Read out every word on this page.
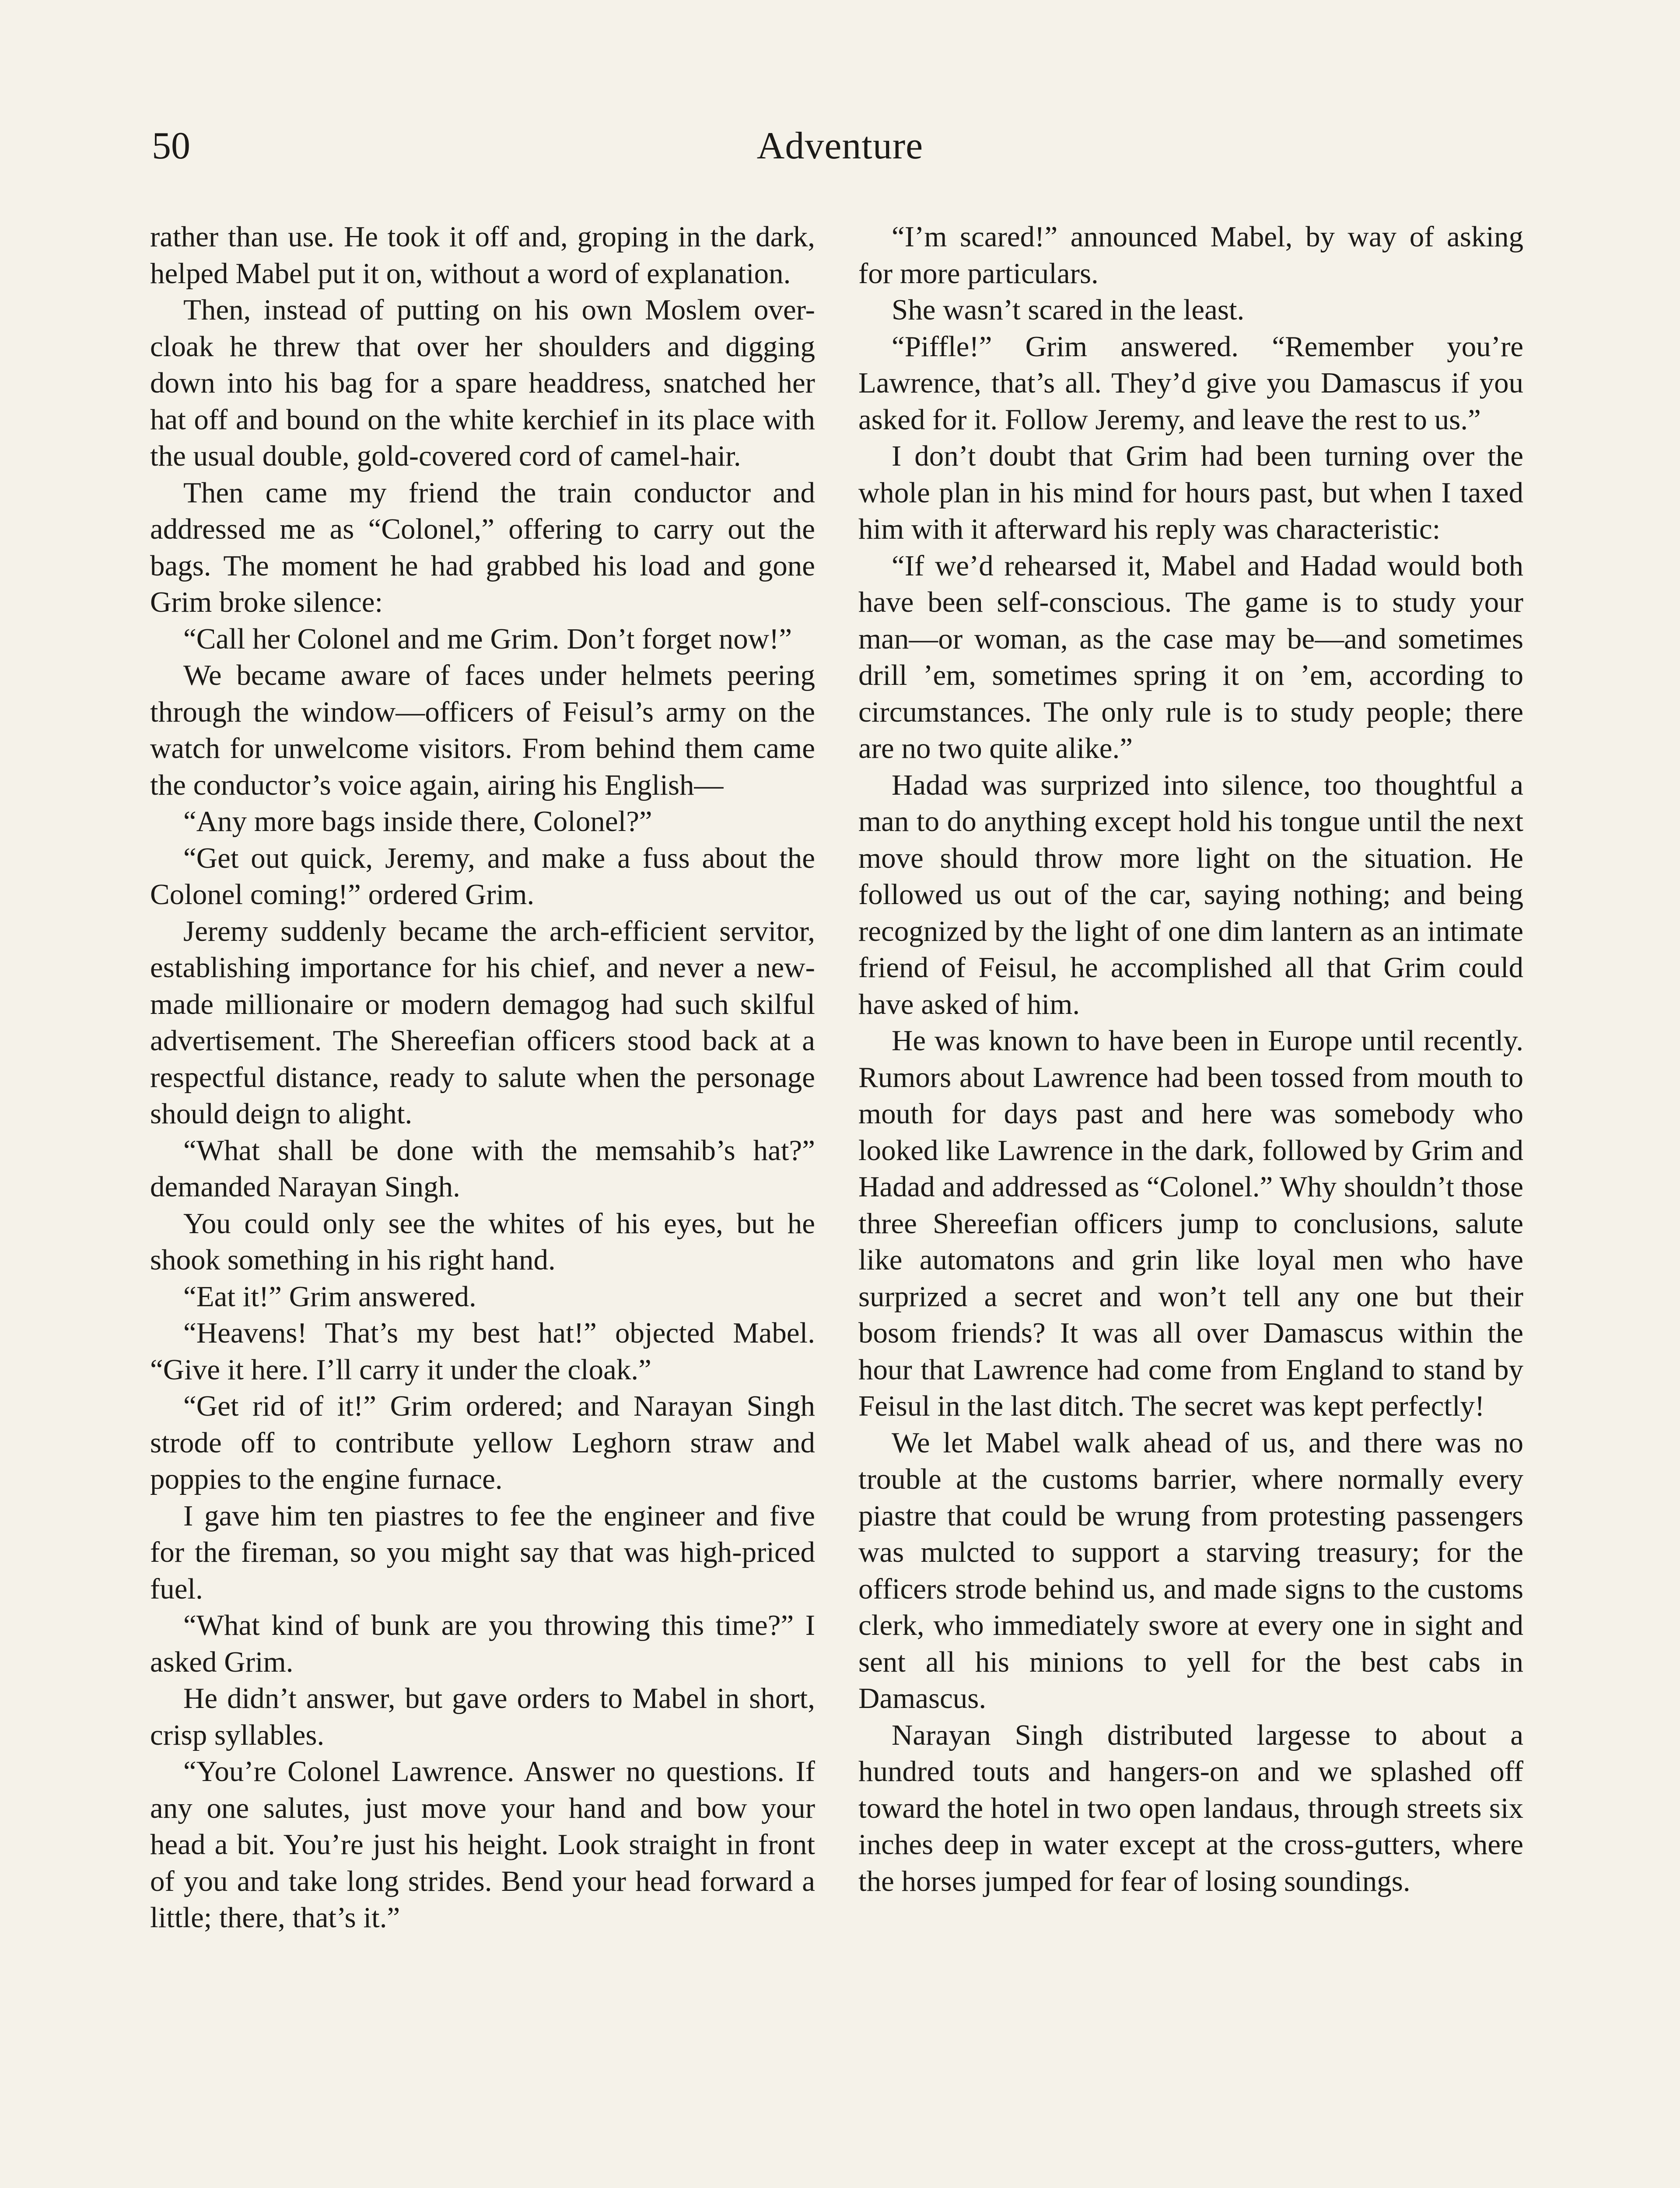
50	Adventure

rather than use. He took it off and, groping in the dark, helped Mabel put it on, without a word of explanation.

Then, instead of putting on his own Moslem over-cloak he threw that over her shoulders and digging down into his bag for a spare headdress, snatched her hat off and bound on the white kerchief in its place with the usual double, gold-covered cord of camel-hair.

Then came my friend the train conductor and addressed me as “Colonel,” offering to carry out the bags. The moment he had grabbed his load and gone Grim broke silence:

“Call her Colonel and me Grim. Don’t forget now!”

We became aware of faces under helmets peering through the window—officers of Feisul’s army on the watch for unwelcome visitors. From behind them came the conductor’s voice again, airing his English—

“Any more bags inside there, Colonel?”

“Get out quick, Jeremy, and make a fuss about the Colonel coming!” ordered Grim.

Jeremy suddenly became the arch-efficient servitor, establishing importance for his chief, and never a new-made millionaire or modern demagog had such skilful advertisement. The Shereefian officers stood back at a respectful distance, ready to salute when the personage should deign to alight.

“What shall be done with the memsahib’s hat?” demanded Narayan Singh.

You could only see the whites of his eyes, but he shook something in his right hand.

“Eat it!” Grim answered.

“Heavens! That’s my best hat!” objected Mabel. “Give it here. I’ll carry it under the cloak.”

“Get rid of it!” Grim ordered; and Narayan Singh strode off to contribute yellow Leghorn straw and poppies to the engine furnace.

I gave him ten piastres to fee the engineer and five for the fireman, so you might say that was high-priced fuel.

“What kind of bunk are you throwing this time?” I asked Grim.

He didn’t answer, but gave orders to Mabel in short, crisp syllables.

“You’re Colonel Lawrence. Answer no questions. If any one salutes, just move your hand and bow your head a bit. You’re just his height. Look straight in front of you and take long strides. Bend your head forward a little; there, that’s it.”

“I’m scared!” announced Mabel, by way of asking for more particulars.

She wasn’t scared in the least.

“Piffle!” Grim answered. “Remember you’re Lawrence, that’s all. They’d give you Damascus if you asked for it. Follow Jeremy, and leave the rest to us.”

I don’t doubt that Grim had been turning over the whole plan in his mind for hours past, but when I taxed him with it afterward his reply was characteristic:

“If we’d rehearsed it, Mabel and Hadad would both have been self-conscious. The game is to study your man—or woman, as the case may be—and sometimes drill ’em, sometimes spring it on ’em, according to circumstances. The only rule is to study people; there are no two quite alike.”

Hadad was surprized into silence, too thoughtful a man to do anything except hold his tongue until the next move should throw more light on the situation. He followed us out of the car, saying nothing; and being recognized by the light of one dim lantern as an intimate friend of Feisul, he accomplished all that Grim could have asked of him.

He was known to have been in Europe until recently. Rumors about Lawrence had been tossed from mouth to mouth for days past and here was somebody who looked like Lawrence in the dark, followed by Grim and Hadad and addressed as “Colonel.” Why shouldn’t those three Shereefian officers jump to conclusions, salute like automatons and grin like loyal men who have surprized a secret and won’t tell any one but their bosom friends? It was all over Damascus within the hour that Lawrence had come from England to stand by Feisul in the last ditch. The secret was kept perfectly!

We let Mabel walk ahead of us, and there was no trouble at the customs barrier, where normally every piastre that could be wrung from protesting passengers was mulcted to support a starving treasury; for the officers strode behind us, and made signs to the customs clerk, who immediately swore at every one in sight and sent all his minions to yell for the best cabs in Damascus.

Narayan Singh distributed largesse to about a hundred touts and hangers-on and we splashed off toward the hotel in two open landaus, through streets six inches deep in water except at the cross-gutters, where the horses jumped for fear of losing soundings.
